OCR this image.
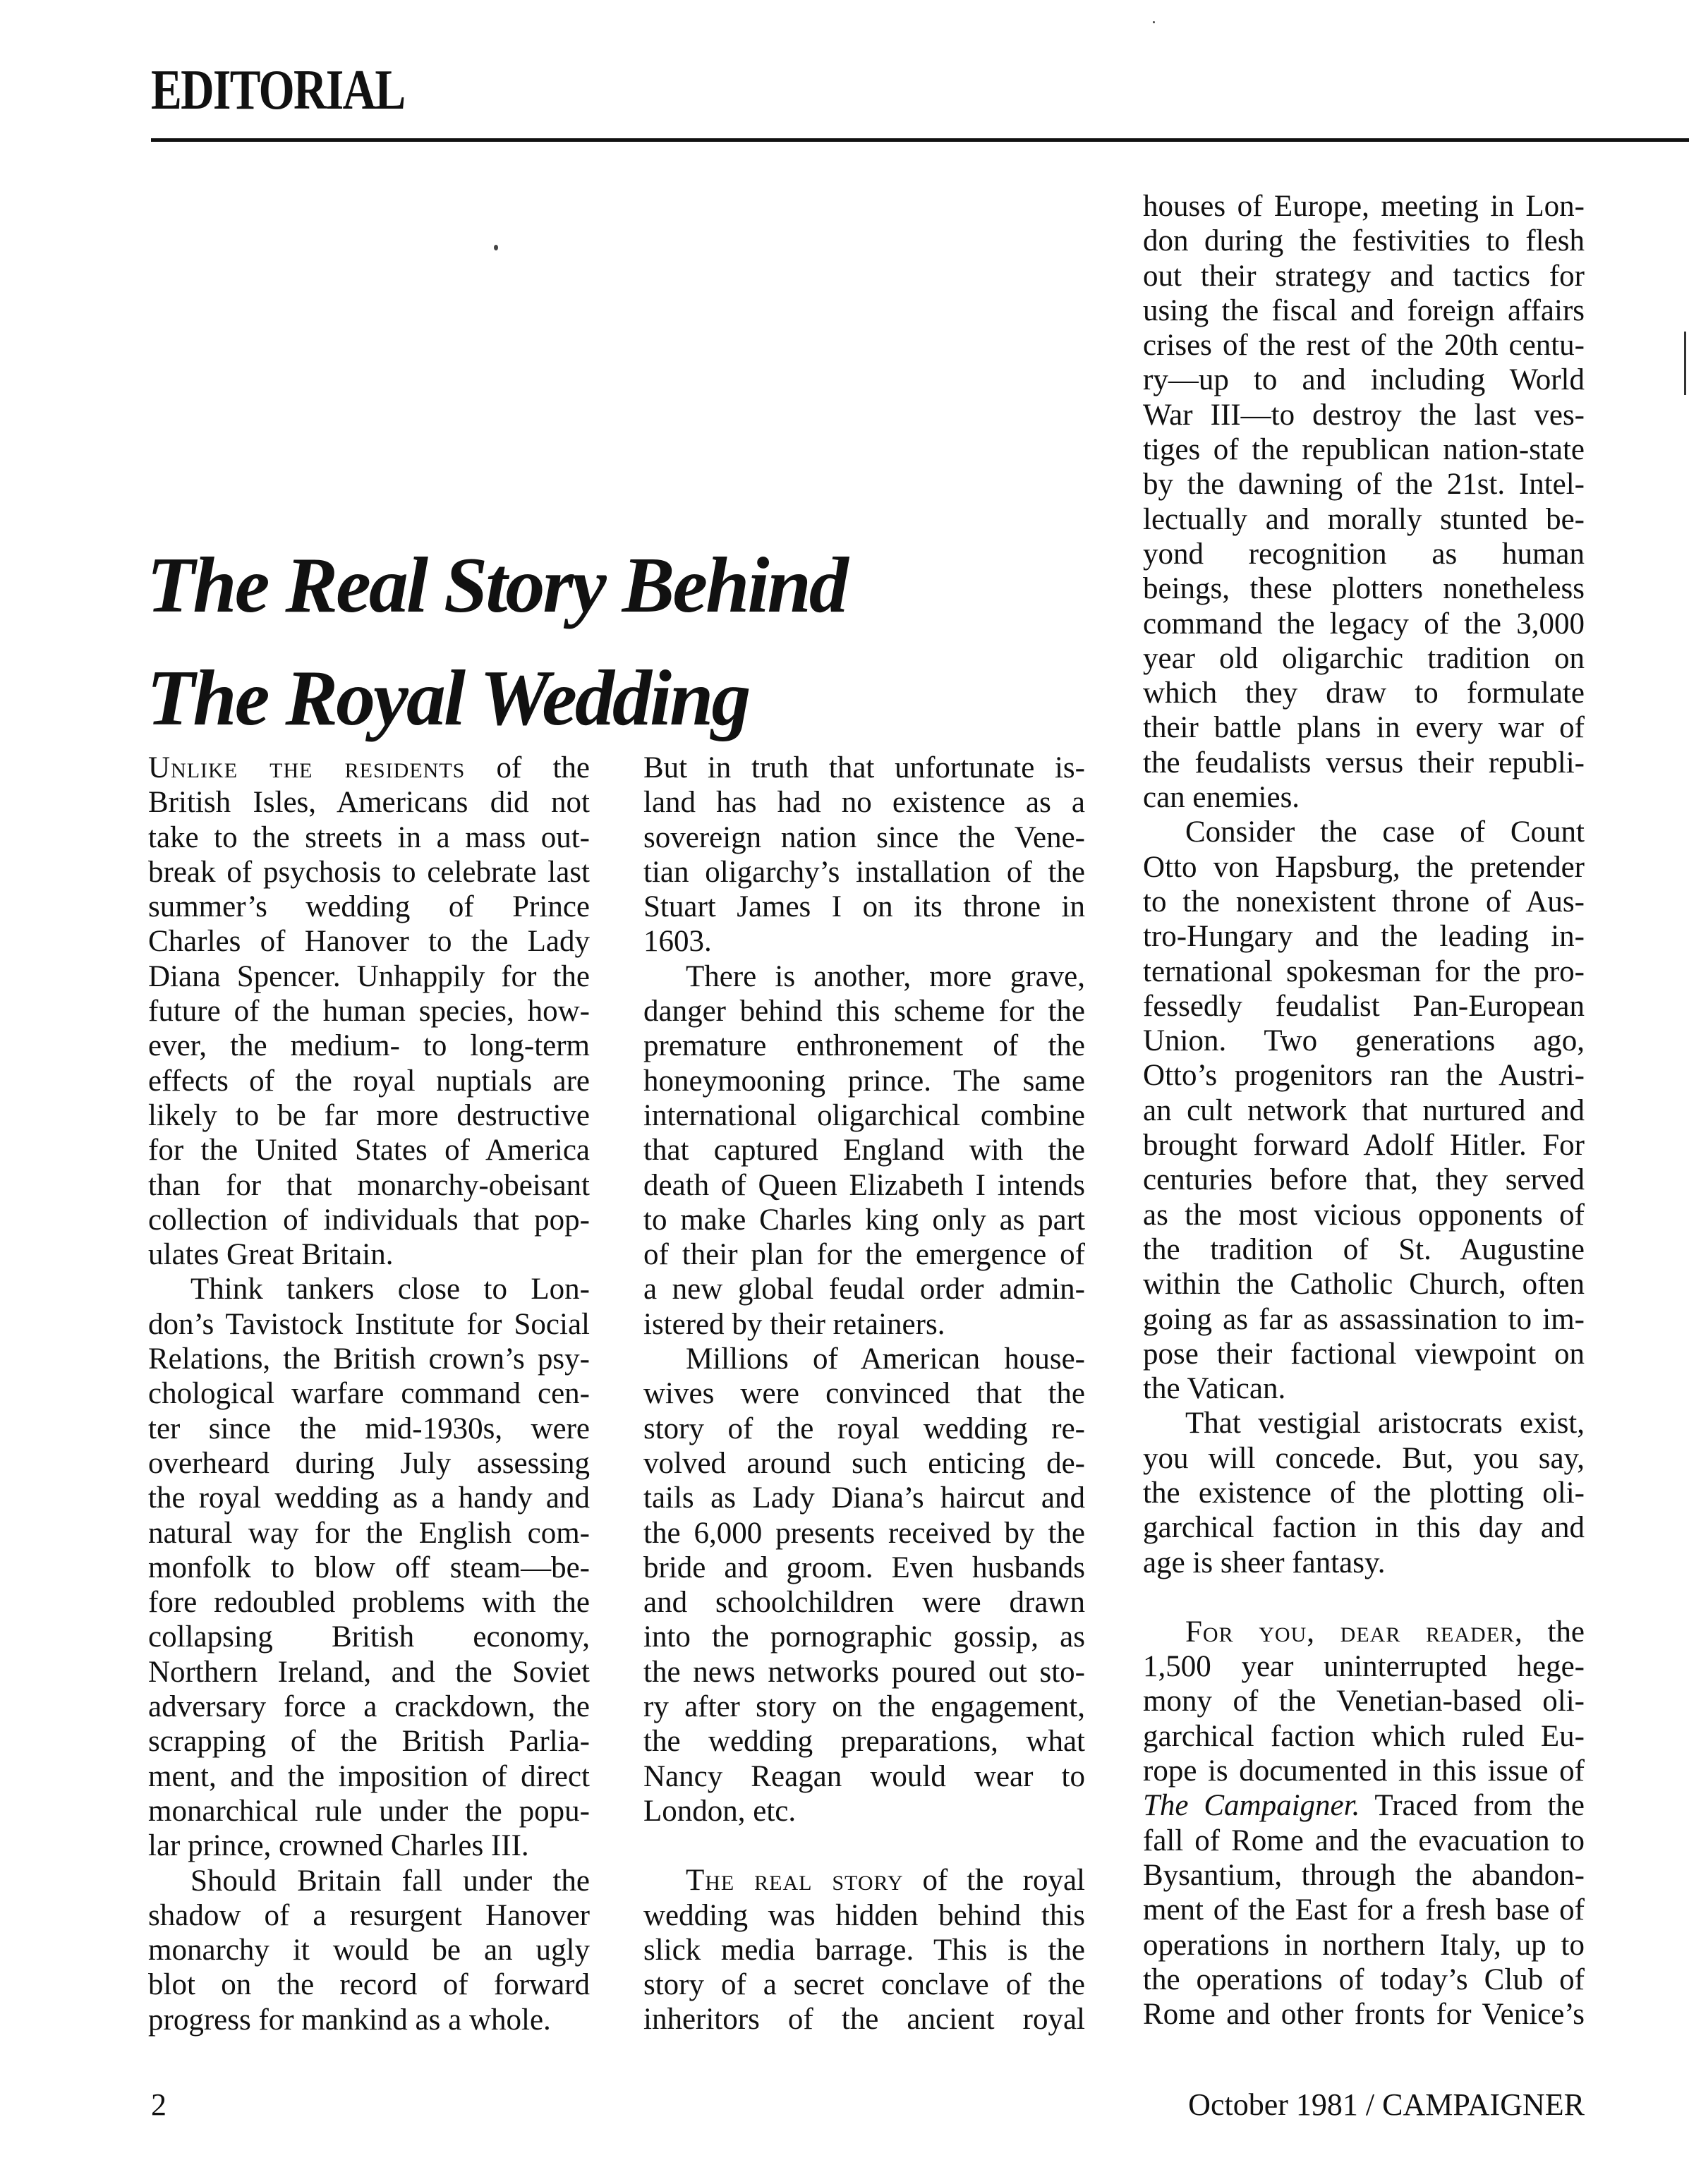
EDITORIAL
The Real Story Behind
The Royal Wedding
Unlike the residents of the
British Isles, Americans did not
take to the streets in a mass out-
break of psychosis to celebrate last
summer’s wedding of Prince
Charles of Hanover to the Lady
Diana Spencer. Unhappily for the
future of the human species, how-
ever, the medium- to long-term
effects of the royal nuptials are
likely to be far more destructive
for the United States of America
than for that monarchy-obeisant
collection of individuals that pop-
ulates Great Britain.
Think tankers close to Lon-
don’s Tavistock Institute for Social
Relations, the British crown’s psy-
chological warfare command cen-
ter since the mid-1930s, were
overheard during July assessing
the royal wedding as a handy and
natural way for the English com-
monfolk to blow off steam—be-
fore redoubled problems with the
collapsing British economy,
Northern Ireland, and the Soviet
adversary force a crackdown, the
scrapping of the British Parlia-
ment, and the imposition of direct
monarchical rule under the popu-
lar prince, crowned Charles III.
Should Britain fall under the
shadow of a resurgent Hanover
monarchy it would be an ugly
blot on the record of forward
progress for mankind as a whole.
But in truth that unfortunate is-
land has had no existence as a
sovereign nation since the Vene-
tian oligarchy’s installation of the
Stuart James I on its throne in
1603.
There is another, more grave,
danger behind this scheme for the
premature enthronement of the
honeymooning prince. The same
international oligarchical combine
that captured England with the
death of Queen Elizabeth I intends
to make Charles king only as part
of their plan for the emergence of
a new global feudal order admin-
istered by their retainers.
Millions of American house-
wives were convinced that the
story of the royal wedding re-
volved around such enticing de-
tails as Lady Diana’s haircut and
the 6,000 presents received by the
bride and groom. Even husbands
and schoolchildren were drawn
into the pornographic gossip, as
the news networks poured out sto-
ry after story on the engagement,
the wedding preparations, what
Nancy Reagan would wear to
London, etc.
The real story of the royal
wedding was hidden behind this
slick media barrage. This is the
story of a secret conclave of the
inheritors of the ancient royal
houses of Europe, meeting in Lon-
don during the festivities to flesh
out their strategy and tactics for
using the fiscal and foreign affairs
crises of the rest of the 20th centu-
ry—up to and including World
War III—to destroy the last ves-
tiges of the republican nation-state
by the dawning of the 21st. Intel-
lectually and morally stunted be-
yond recognition as human
beings, these plotters nonetheless
command the legacy of the 3,000
year old oligarchic tradition on
which they draw to formulate
their battle plans in every war of
the feudalists versus their republi-
can enemies.
Consider the case of Count
Otto von Hapsburg, the pretender
to the nonexistent throne of Aus-
tro-Hungary and the leading in-
ternational spokesman for the pro-
fessedly feudalist Pan-European
Union. Two generations ago,
Otto’s progenitors ran the Austri-
an cult network that nurtured and
brought forward Adolf Hitler. For
centuries before that, they served
as the most vicious opponents of
the tradition of St. Augustine
within the Catholic Church, often
going as far as assassination to im-
pose their factional viewpoint on
the Vatican.
That vestigial aristocrats exist,
you will concede. But, you say,
the existence of the plotting oli-
garchical faction in this day and
age is sheer fantasy.
For you, dear reader, the
1,500 year uninterrupted hege-
mony of the Venetian-based oli-
garchical faction which ruled Eu-
rope is documented in this issue of
The Campaigner. Traced from the
fall of Rome and the evacuation to
Bysantium, through the abandon-
ment of the East for a fresh base of
operations in northern Italy, up to
the operations of today’s Club of
Rome and other fronts for Venice’s
2	October 1981 / CAMPAIGNER
